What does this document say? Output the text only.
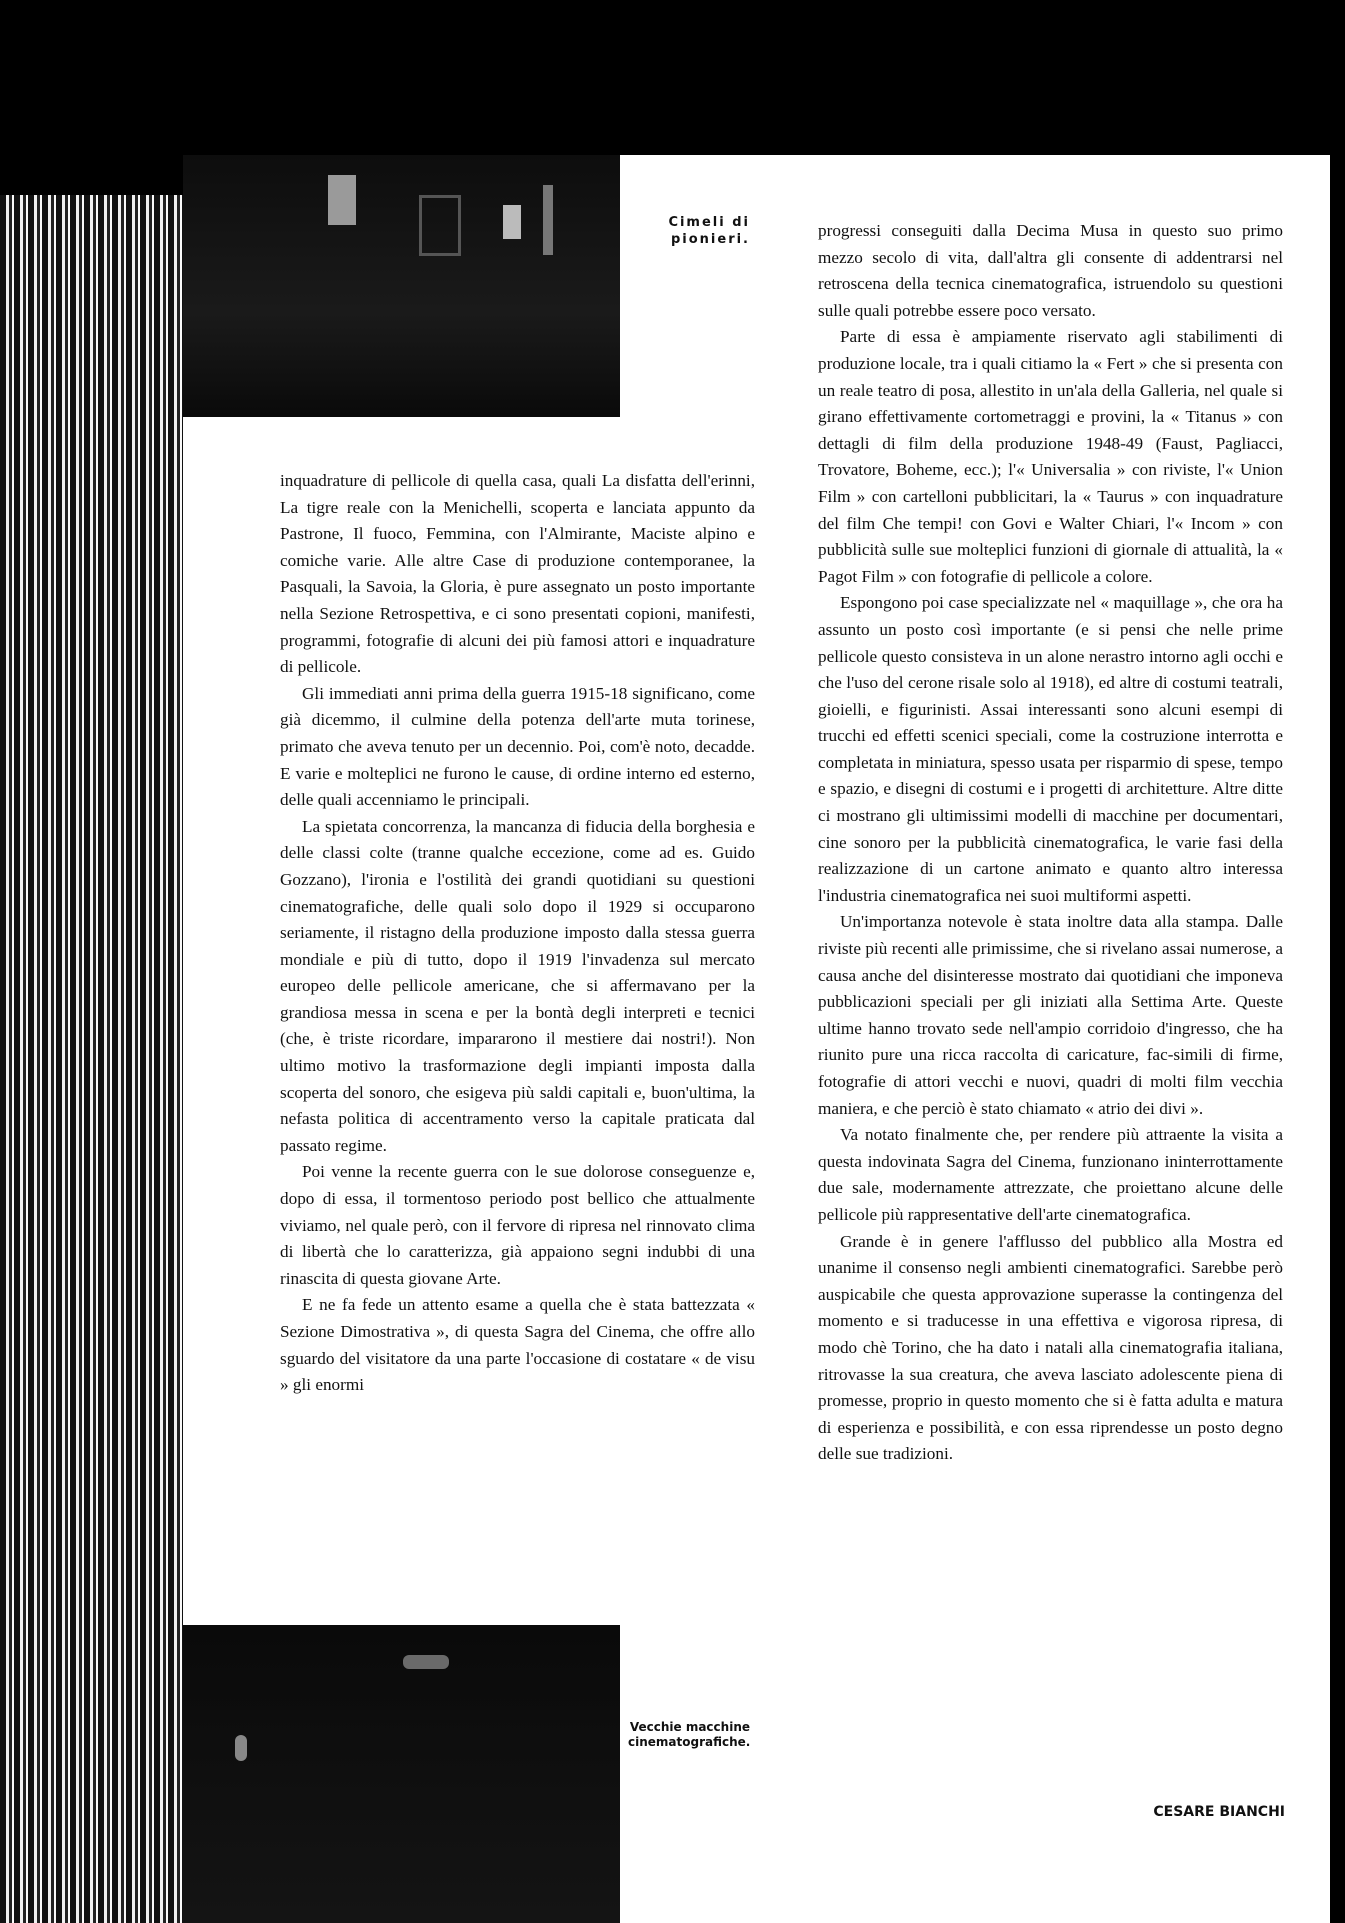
Cimeli di pionieri.
Vecchie macchine cinematografiche.

inquadrature di pellicole di quella casa, quali La disfatta dell'erinni, La tigre reale con la Menichelli, scoperta e lanciata appunto da Pastrone, Il fuoco, Femmina, con l'Almirante, Maciste alpino e comiche varie. Alle altre Case di produzione contemporanee, la Pasquali, la Savoia, la Gloria, è pure assegnato un posto importante nella Sezione Retrospettiva, e ci sono presentati copioni, manifesti, programmi, fotografie di alcuni dei più famosi attori e inquadrature di pellicole.

Gli immediati anni prima della guerra 1915-18 significano, come già dicemmo, il culmine della potenza dell'arte muta torinese, primato che aveva tenuto per un decennio. Poi, com'è noto, decadde. E varie e molteplici ne furono le cause, di ordine interno ed esterno, delle quali accenniamo le principali.

La spietata concorrenza, la mancanza di fiducia della borghesia e delle classi colte (tranne qualche eccezione, come ad es. Guido Gozzano), l'ironia e l'ostilità dei grandi quotidiani su questioni cinematografiche, delle quali solo dopo il 1929 si occuparono seriamente, il ristagno della produzione imposto dalla stessa guerra mondiale e più di tutto, dopo il 1919 l'invadenza sul mercato europeo delle pellicole americane, che si affermavano per la grandiosa messa in scena e per la bontà degli interpreti e tecnici (che, è triste ricordare, impararono il mestiere dai nostri!). Non ultimo motivo la trasformazione degli impianti imposta dalla scoperta del sonoro, che esigeva più saldi capitali e, buon'ultima, la nefasta politica di accentramento verso la capitale praticata dal passato regime.

Poi venne la recente guerra con le sue dolorose conseguenze e, dopo di essa, il tormentoso periodo post bellico che attualmente viviamo, nel quale però, con il fervore di ripresa nel rinnovato clima di libertà che lo caratterizza, già appaiono segni indubbi di una rinascita di questa giovane Arte.

E ne fa fede un attento esame a quella che è stata battezzata « Sezione Dimostrativa », di questa Sagra del Cinema, che offre allo sguardo del visitatore da una parte l'occasione di costatare « de visu » gli enormi

progressi conseguiti dalla Decima Musa in questo suo primo mezzo secolo di vita, dall'altra gli consente di addentrarsi nel retroscena della tecnica cinematografica, istruendolo su questioni sulle quali potrebbe essere poco versato.

Parte di essa è ampiamente riservato agli stabilimenti di produzione locale, tra i quali citiamo la « Fert » che si presenta con un reale teatro di posa, allestito in un'ala della Galleria, nel quale si girano effettivamente cortometraggi e provini, la « Titanus » con dettagli di film della produzione 1948-49 (Faust, Pagliacci, Trovatore, Boheme, ecc.); l'« Universalia » con riviste, l'« Union Film » con cartelloni pubblicitari, la « Taurus » con inquadrature del film Che tempi! con Govi e Walter Chiari, l'« Incom » con pubblicità sulle sue molteplici funzioni di giornale di attualità, la « Pagot Film » con fotografie di pellicole a colore.

Espongono poi case specializzate nel « maquillage », che ora ha assunto un posto così importante (e si pensi che nelle prime pellicole questo consisteva in un alone nerastro intorno agli occhi e che l'uso del cerone risale solo al 1918), ed altre di costumi teatrali, gioielli, e figurinisti. Assai interessanti sono alcuni esempi di trucchi ed effetti scenici speciali, come la costruzione interrotta e completata in miniatura, spesso usata per risparmio di spese, tempo e spazio, e disegni di costumi e i progetti di architetture. Altre ditte ci mostrano gli ultimissimi modelli di macchine per documentari, cine sonoro per la pubblicità cinematografica, le varie fasi della realizzazione di un cartone animato e quanto altro interessa l'industria cinematografica nei suoi multiformi aspetti.

Un'importanza notevole è stata inoltre data alla stampa. Dalle riviste più recenti alle primissime, che si rivelano assai numerose, a causa anche del disinteresse mostrato dai quotidiani che imponeva pubblicazioni speciali per gli iniziati alla Settima Arte. Queste ultime hanno trovato sede nell'ampio corridoio d'ingresso, che ha riunito pure una ricca raccolta di caricature, fac-simili di firme, fotografie di attori vecchi e nuovi, quadri di molti film vecchia maniera, e che perciò è stato chiamato « atrio dei divi ».

Va notato finalmente che, per rendere più attraente la visita a questa indovinata Sagra del Cinema, funzionano ininterrottamente due sale, modernamente attrezzate, che proiettano alcune delle pellicole più rappresentative dell'arte cinematografica.

Grande è in genere l'afflusso del pubblico alla Mostra ed unanime il consenso negli ambienti cinematografici. Sarebbe però auspicabile che questa approvazione superasse la contingenza del momento e si traducesse in una effettiva e vigorosa ripresa, di modo chè Torino, che ha dato i natali alla cinematografia italiana, ritrovasse la sua creatura, che aveva lasciato adolescente piena di promesse, proprio in questo momento che si è fatta adulta e matura di esperienza e possibilità, e con essa riprendesse un posto degno delle sue tradizioni.

CESARE BIANCHI
